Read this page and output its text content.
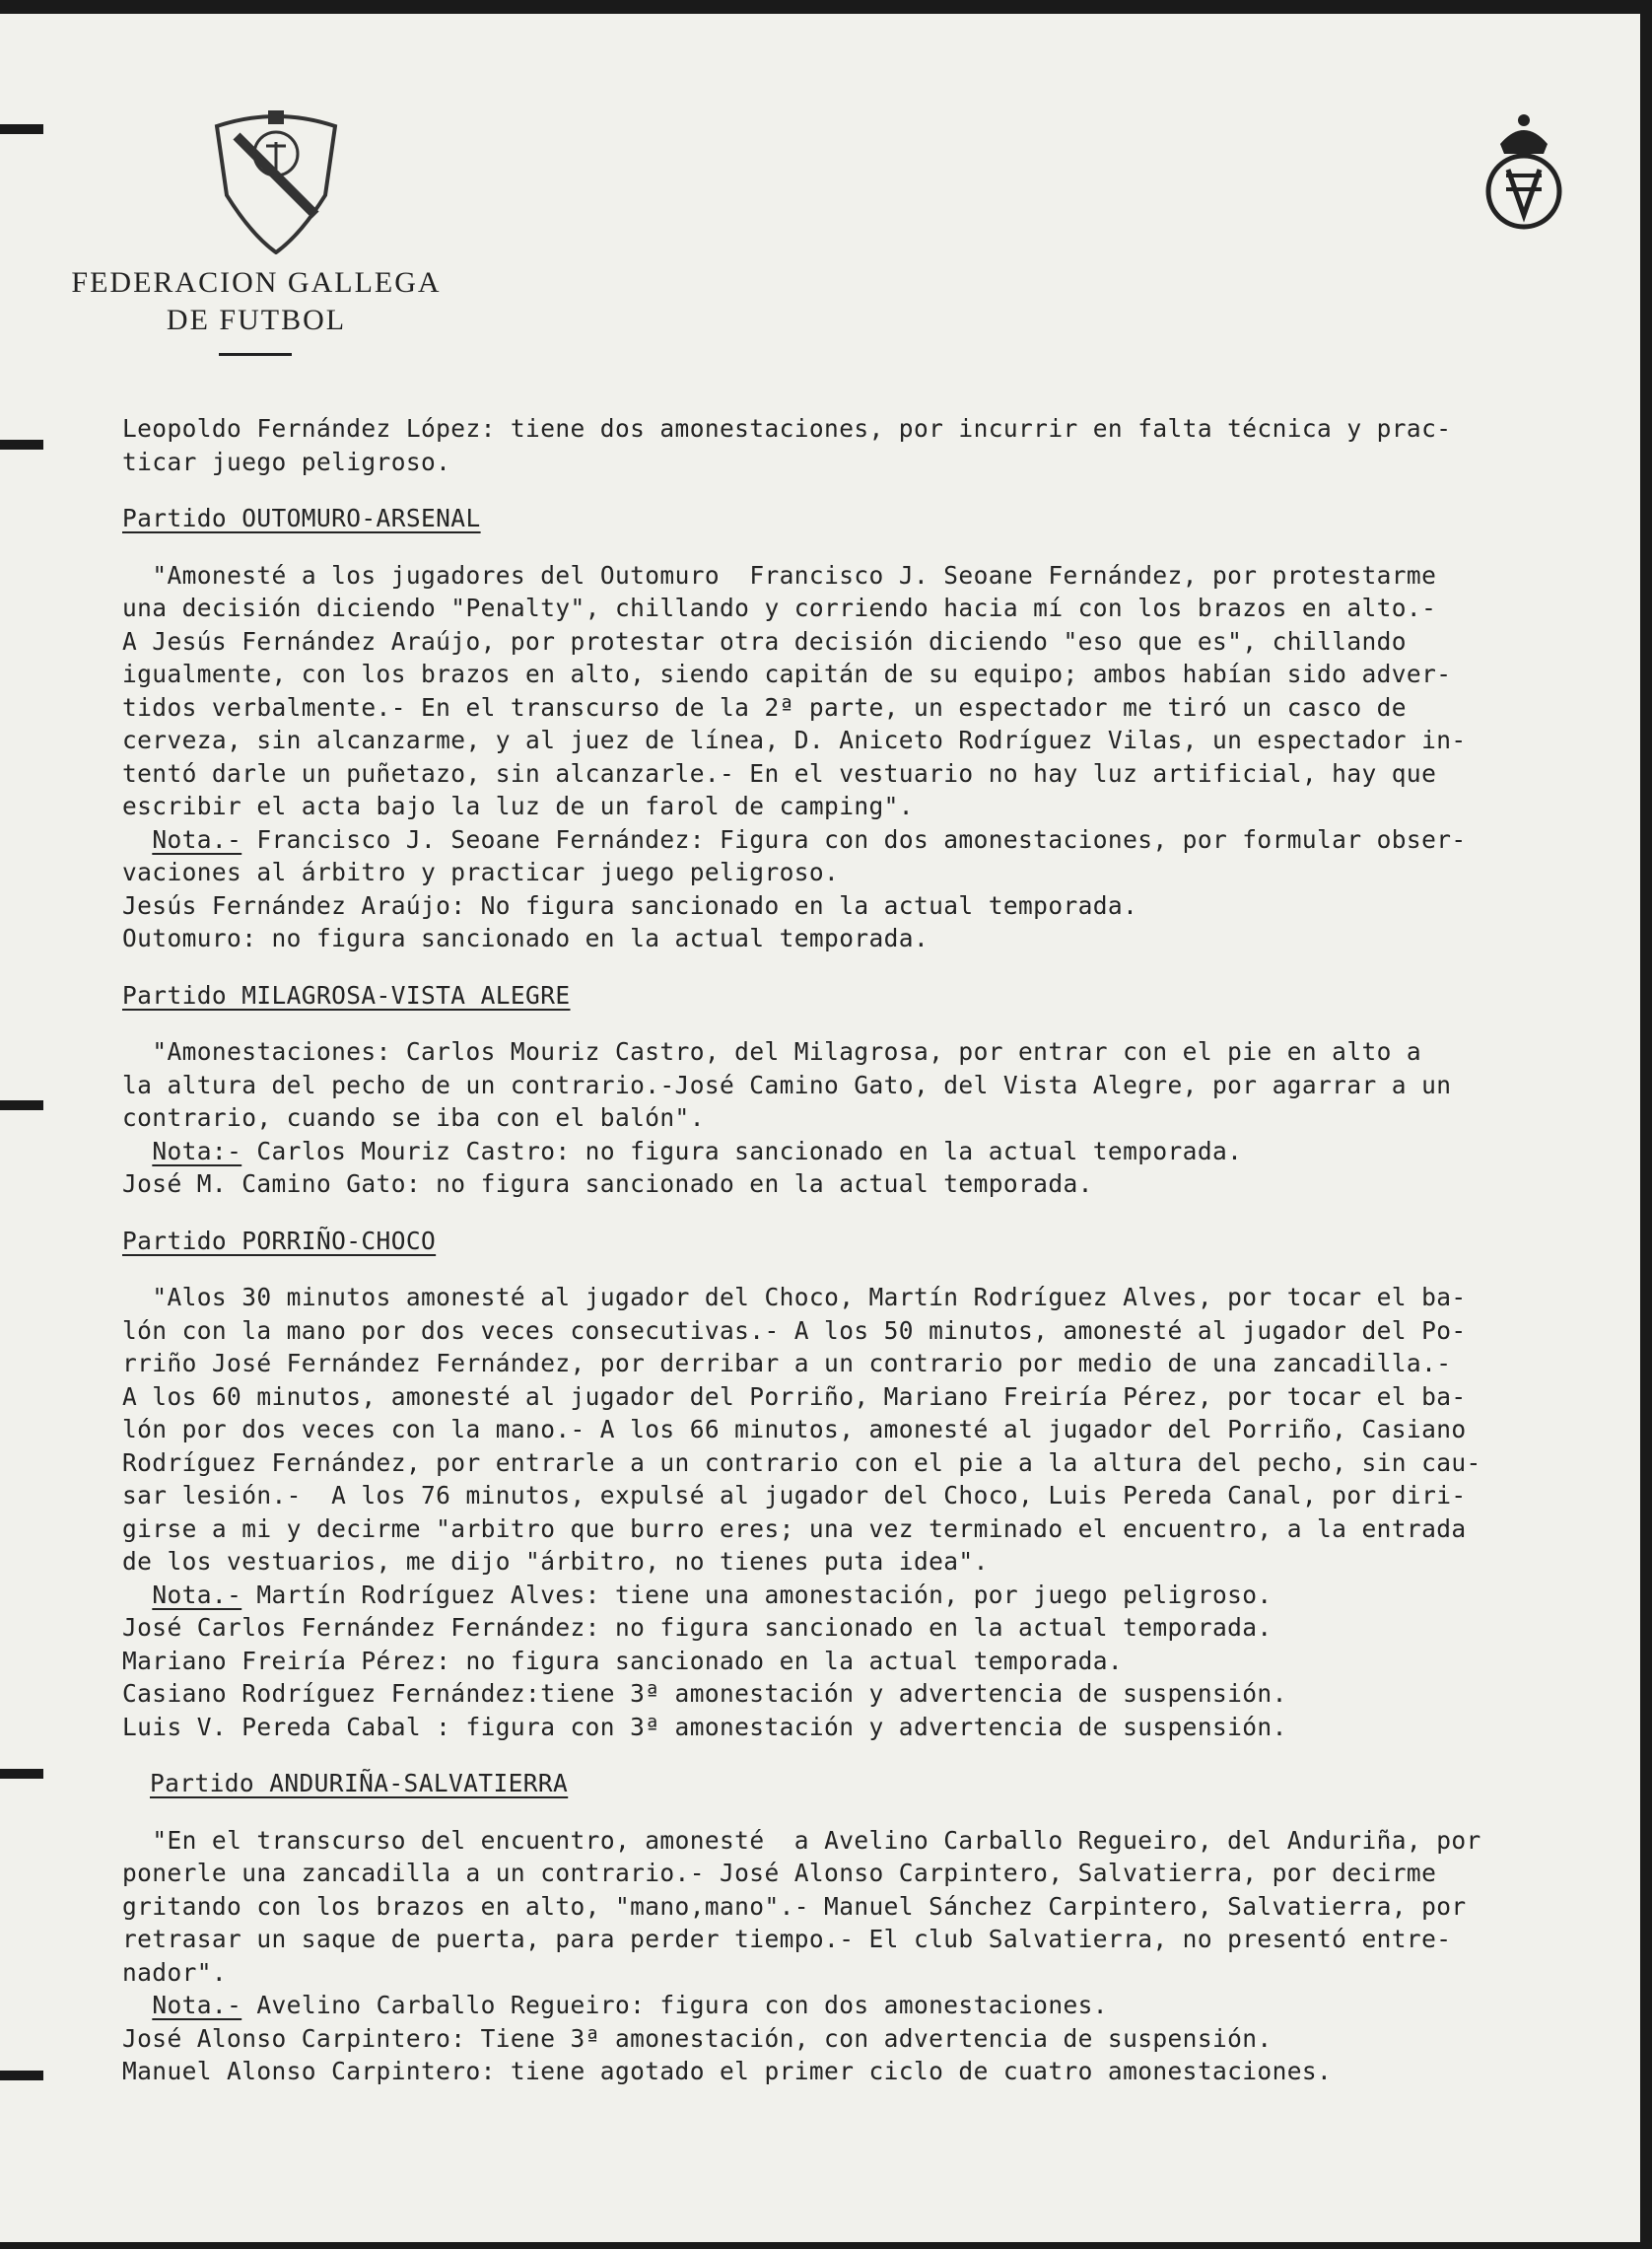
FEDERACION GALLEGA
DE FUTBOL

Leopoldo Fernández López: tiene dos amonestaciones, por incurrir en falta técnica y prac-
ticar juego peligroso.

Partido OUTOMURO-ARSENAL

"Amonesté a los jugadores del Outomuro  Francisco J. Seoane Fernández, por protestarme
una decisión diciendo "Penalty", chillando y corriendo hacia mí con los brazos en alto.-
A Jesús Fernández Araújo, por protestar otra decisión diciendo "eso que es", chillando
igualmente, con los brazos en alto, siendo capitán de su equipo; ambos habían sido adver-
tidos verbalmente.- En el transcurso de la 2ª parte, un espectador me tiró un casco de
cerveza, sin alcanzarme, y al juez de línea, D. Aniceto Rodríguez Vilas, un espectador in-
tentó darle un puñetazo, sin alcanzarle.- En el vestuario no hay luz artificial, hay que
escribir el acta bajo la luz de un farol de camping".

Nota.- Francisco J. Seoane Fernández: Figura con dos amonestaciones, por formular obser-
vaciones al árbitro y practicar juego peligroso.

Jesús Fernández Araújo: No figura sancionado en la actual temporada.

Outomuro: no figura sancionado en la actual temporada.

Partido MILAGROSA-VISTA ALEGRE

"Amonestaciones: Carlos Mouriz Castro, del Milagrosa, por entrar con el pie en alto a
la altura del pecho de un contrario.-José Camino Gato, del Vista Alegre, por agarrar a un
contrario, cuando se iba con el balón".

Nota:- Carlos Mouriz Castro: no figura sancionado en la actual temporada.

José M. Camino Gato: no figura sancionado en la actual temporada.

Partido PORRIÑO-CHOCO

"Alos 30 minutos amonesté al jugador del Choco, Martín Rodríguez Alves, por tocar el ba-
lón con la mano por dos veces consecutivas.- A los 50 minutos, amonesté al jugador del Po-
rriño José Fernández Fernández, por derribar a un contrario por medio de una zancadilla.-
A los 60 minutos, amonesté al jugador del Porriño, Mariano Freiría Pérez, por tocar el ba-
lón por dos veces con la mano.- A los 66 minutos, amonesté al jugador del Porriño, Casiano
Rodríguez Fernández, por entrarle a un contrario con el pie a la altura del pecho, sin cau-
sar lesión.-  A los 76 minutos, expulsé al jugador del Choco, Luis Pereda Canal, por diri-
girse a mi y decirme "arbitro que burro eres; una vez terminado el encuentro, a la entrada
de los vestuarios, me dijo "árbitro, no tienes puta idea".

Nota.- Martín Rodríguez Alves: tiene una amonestación, por juego peligroso.

José Carlos Fernández Fernández: no figura sancionado en la actual temporada.

Mariano Freiría Pérez: no figura sancionado en la actual temporada.

Casiano Rodríguez Fernández:tiene 3ª amonestación y advertencia de suspensión.

Luis V. Pereda Cabal : figura con 3ª amonestación y advertencia de suspensión.

Partido ANDURIÑA-SALVATIERRA

"En el transcurso del encuentro, amonesté  a Avelino Carballo Regueiro, del Anduriña, por
ponerle una zancadilla a un contrario.- José Alonso Carpintero, Salvatierra, por decirme
gritando con los brazos en alto, "mano,mano".- Manuel Sánchez Carpintero, Salvatierra, por
retrasar un saque de puerta, para perder tiempo.- El club Salvatierra, no presentó entre-
nador".

Nota.- Avelino Carballo Regueiro: figura con dos amonestaciones.

José Alonso Carpintero: Tiene 3ª amonestación, con advertencia de suspensión.

Manuel Alonso Carpintero: tiene agotado el primer ciclo de cuatro amonestaciones.
